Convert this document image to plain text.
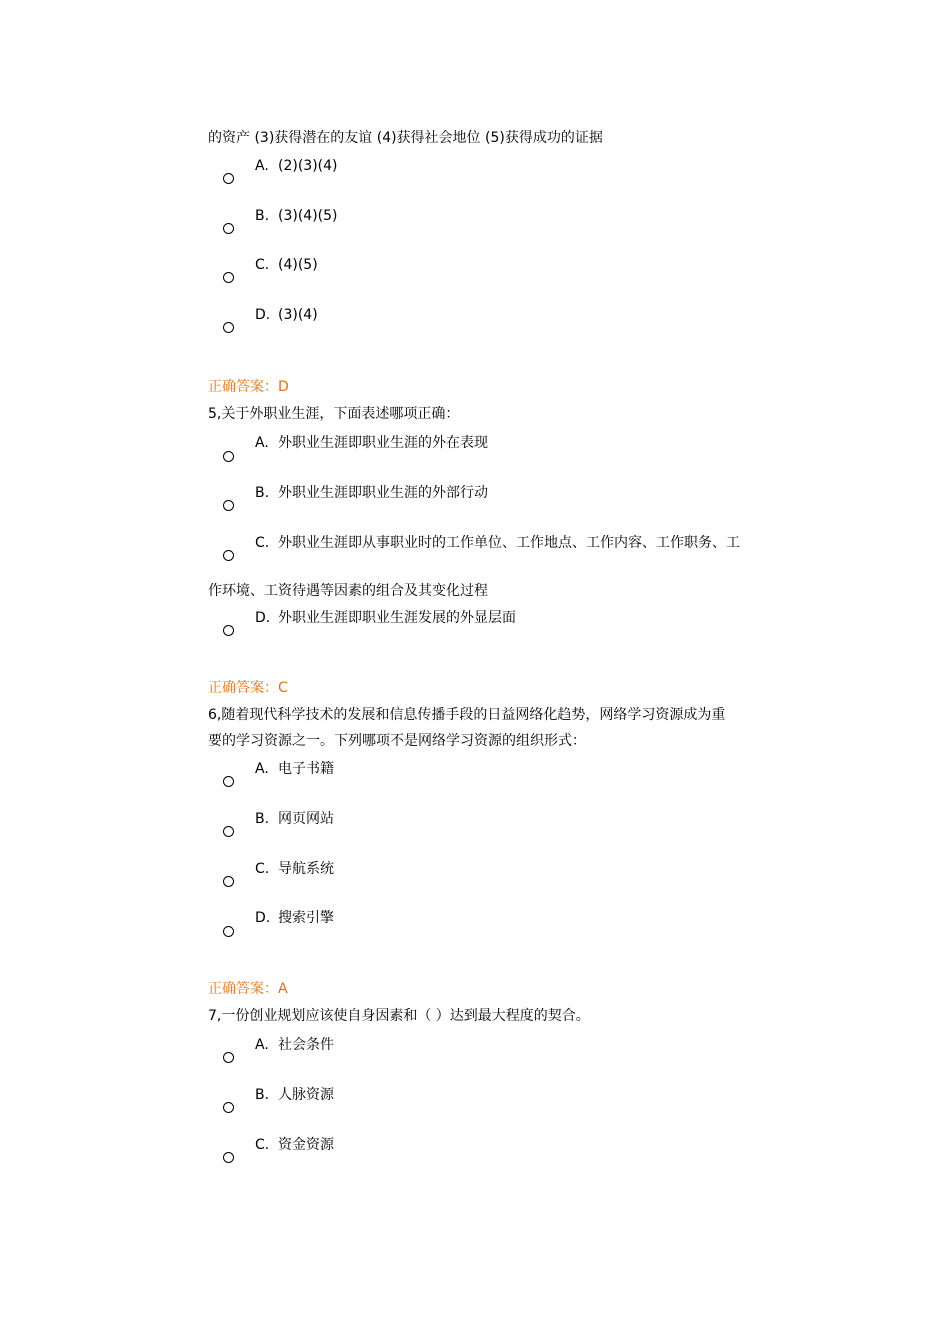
的资产 (3)获得潜在的友谊 (4)获得社会地位 (5)获得成功的证据
A. (2)(3)(4)
B. (3)(4)(5)
C. (4)(5)
D. (3)(4)
正确答案：D
5,关于外职业生涯，下面表述哪项正确：
A. 外职业生涯即职业生涯的外在表现
B. 外职业生涯即职业生涯的外部行动
C. 外职业生涯即从事职业时的工作单位、工作地点、工作内容、工作职务、工
作环境、工资待遇等因素的组合及其变化过程
D. 外职业生涯即职业生涯发展的外显层面
正确答案：C
6,随着现代科学技术的发展和信息传播手段的日益网络化趋势，网络学习资源成为重
要的学习资源之一。下列哪项不是网络学习资源的组织形式：
A. 电子书籍
B. 网页网站
C. 导航系统
D. 搜索引擎
正确答案：A
7,一份创业规划应该使自身因素和（ ）达到最大程度的契合。
A. 社会条件
B. 人脉资源
C. 资金资源
